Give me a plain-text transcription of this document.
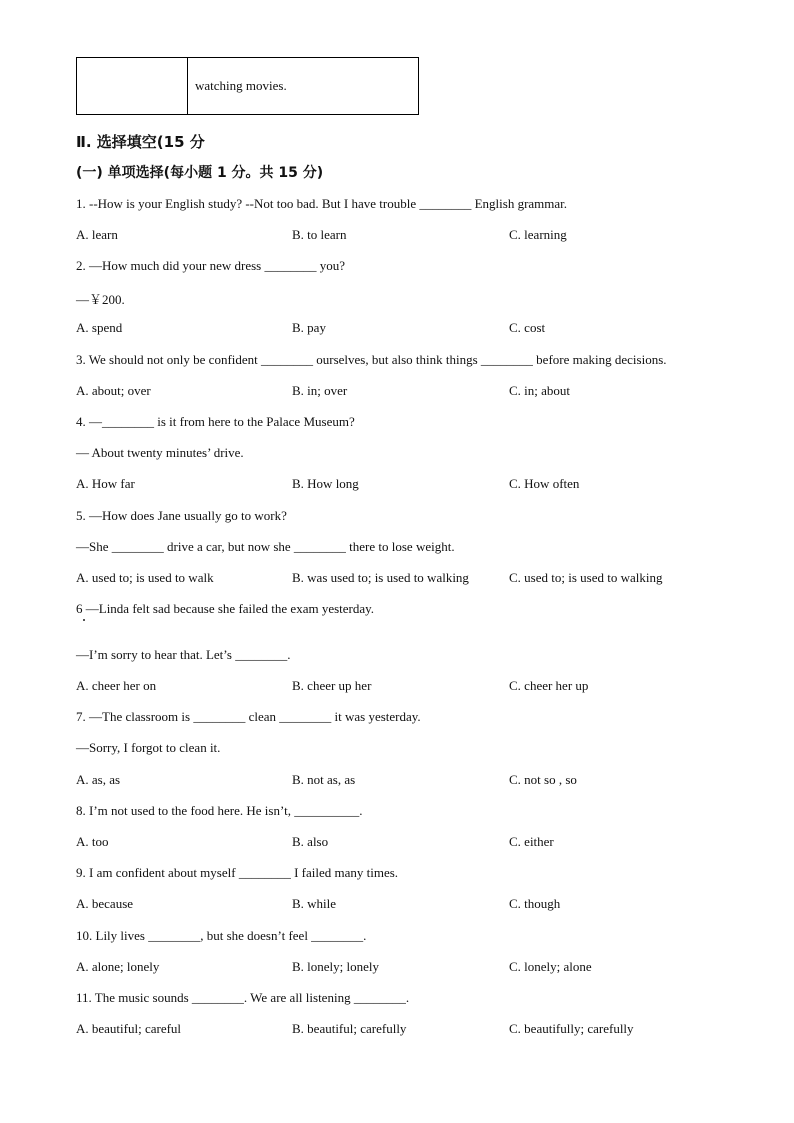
	watching movies.
Ⅱ. 选择填空(15 分
(一) 单项选择(每小题 1 分。共 15 分)
1. --How is your English study? --Not too bad. But I have trouble ________ English grammar.
A. learn	B. to learn	C. learning
2. —How much did your new dress ________ you?
—￥200.
A. spend	B. pay	C. cost
3. We should not only be confident ________ ourselves, but also think things ________ before making decisions.
A. about; over	B. in; over	C. in; about
4. —________ is it from here to the Palace Museum?
— About twenty minutes’ drive.
A. How far	B. How long	C. How often
5. —How does Jane usually go to work?
—She ________ drive a car, but now she ________ there to lose weight.
A. used to; is used to walk	B. was used to; is used to walking	C. used to; is used to walking
6 —Linda felt sad because she failed the exam yesterday.
—I’m sorry to hear that. Let’s ________.
A. cheer her on	B. cheer up her	C. cheer her up
7. —The classroom is ________ clean ________ it was yesterday.
—Sorry, I forgot to clean it.
A. as, as	B. not as, as	C. not so , so
8. I’m not used to the food here. He isn’t, __________.
A. too	B. also	C. either
9. I am confident about myself ________ I failed many times.
A. because	B. while	C. though
10. Lily lives ________, but she doesn’t feel ________.
A. alone; lonely	B. lonely; lonely	C. lonely; alone
11. The music sounds ________. We are all listening ________.
A. beautiful; careful	B. beautiful; carefully	C. beautifully; carefully
